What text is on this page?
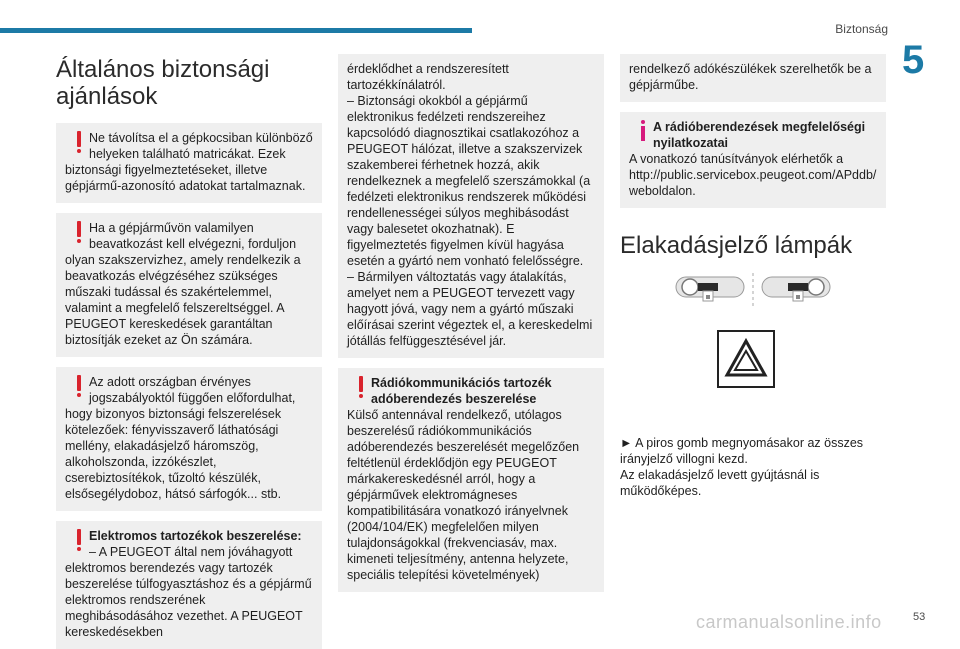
Biztonság
5
Általános biztonsági ajánlások

Ne távolítsa el a gépkocsiban különböző helyeken található matricákat. Ezek

biztonsági figyelmeztetéseket, illetve gépjármű-azonosító adatokat tartalmaznak.

Ha a gépjárművön valamilyen beavatkozást kell elvégezni, forduljon

olyan szakszervizhez, amely rendelkezik a beavatkozás elvégzéséhez szükséges műszaki tudással és szakértelemmel, valamint a megfelelő felszereltséggel. A PEUGEOT kereskedések garantáltan biztosítják ezeket az Ön számára.

Az adott országban érvényes jogszabályoktól függően előfordulhat,

hogy bizonyos biztonsági felszerelések kötelezőek: fényvisszaverő láthatósági mellény, elakadásjelző háromszög, alkoholszonda, izzókészlet, cserebiztosítékok, tűzoltó készülék, elsősegélydoboz, hátsó sárfogók... stb.

Elektromos tartozékok beszerelése:

– A PEUGEOT által nem jóváhagyott

elektromos berendezés vagy tartozék beszerelése túlfogyasztáshoz és a gépjármű elektromos rendszerének meghibásodásához vezethet. A PEUGEOT kereskedésekben

érdeklődhet a rendszeresített tartozékkínálatról.

– Biztonsági okokból a gépjármű elektronikus fedélzeti rendszereihez kapcsolódó diagnosztikai csatlakozóhoz a PEUGEOT hálózat, illetve a szakszervizek szakemberei férhetnek hozzá, akik rendelkeznek a megfelelő szerszámokkal (a fedélzeti elektronikus rendszerek működési rendellenességei súlyos meghibásodást vagy balesetet okozhatnak). E figyelmeztetés figyelmen kívül hagyása esetén a gyártó nem vonható felelősségre.

– Bármilyen változtatás vagy átalakítás, amelyet nem a PEUGEOT tervezett vagy hagyott jóvá, vagy nem a gyártó műszaki előírásai szerint végeztek el, a kereskedelmi jótállás felfüggesztésével jár.

Rádiókommunikációs tartozék adóberendezés beszerelése

Külső antennával rendelkező, utólagos beszerelésű rádiókommunikációs adóberendezés beszerelését megelőzően feltétlenül érdeklődjön egy PEUGEOT márkakereskedésnél arról, hogy a gépjárművek elektromágneses kompatibilitására vonatkozó irányelvnek (2004/104/EK) megfelelően milyen tulajdonságokkal (frekvenciasáv, max. kimeneti teljesítmény, antenna helyzete, speciális telepítési követelmények)

rendelkező adókészülékek szerelhetők be a gépjárműbe.

A rádióberendezések megfelelőségi nyilatkozatai

A vonatkozó tanúsítványok elérhetők a http://public.servicebox.peugeot.com/APddb/ weboldalon.

Elakadásjelző lámpák

► A piros gomb megnyomásakor az összes irányjelző villogni kezd.

Az elakadásjelző levett gyújtásnál is működőképes.

carmanualsonline.info	53
